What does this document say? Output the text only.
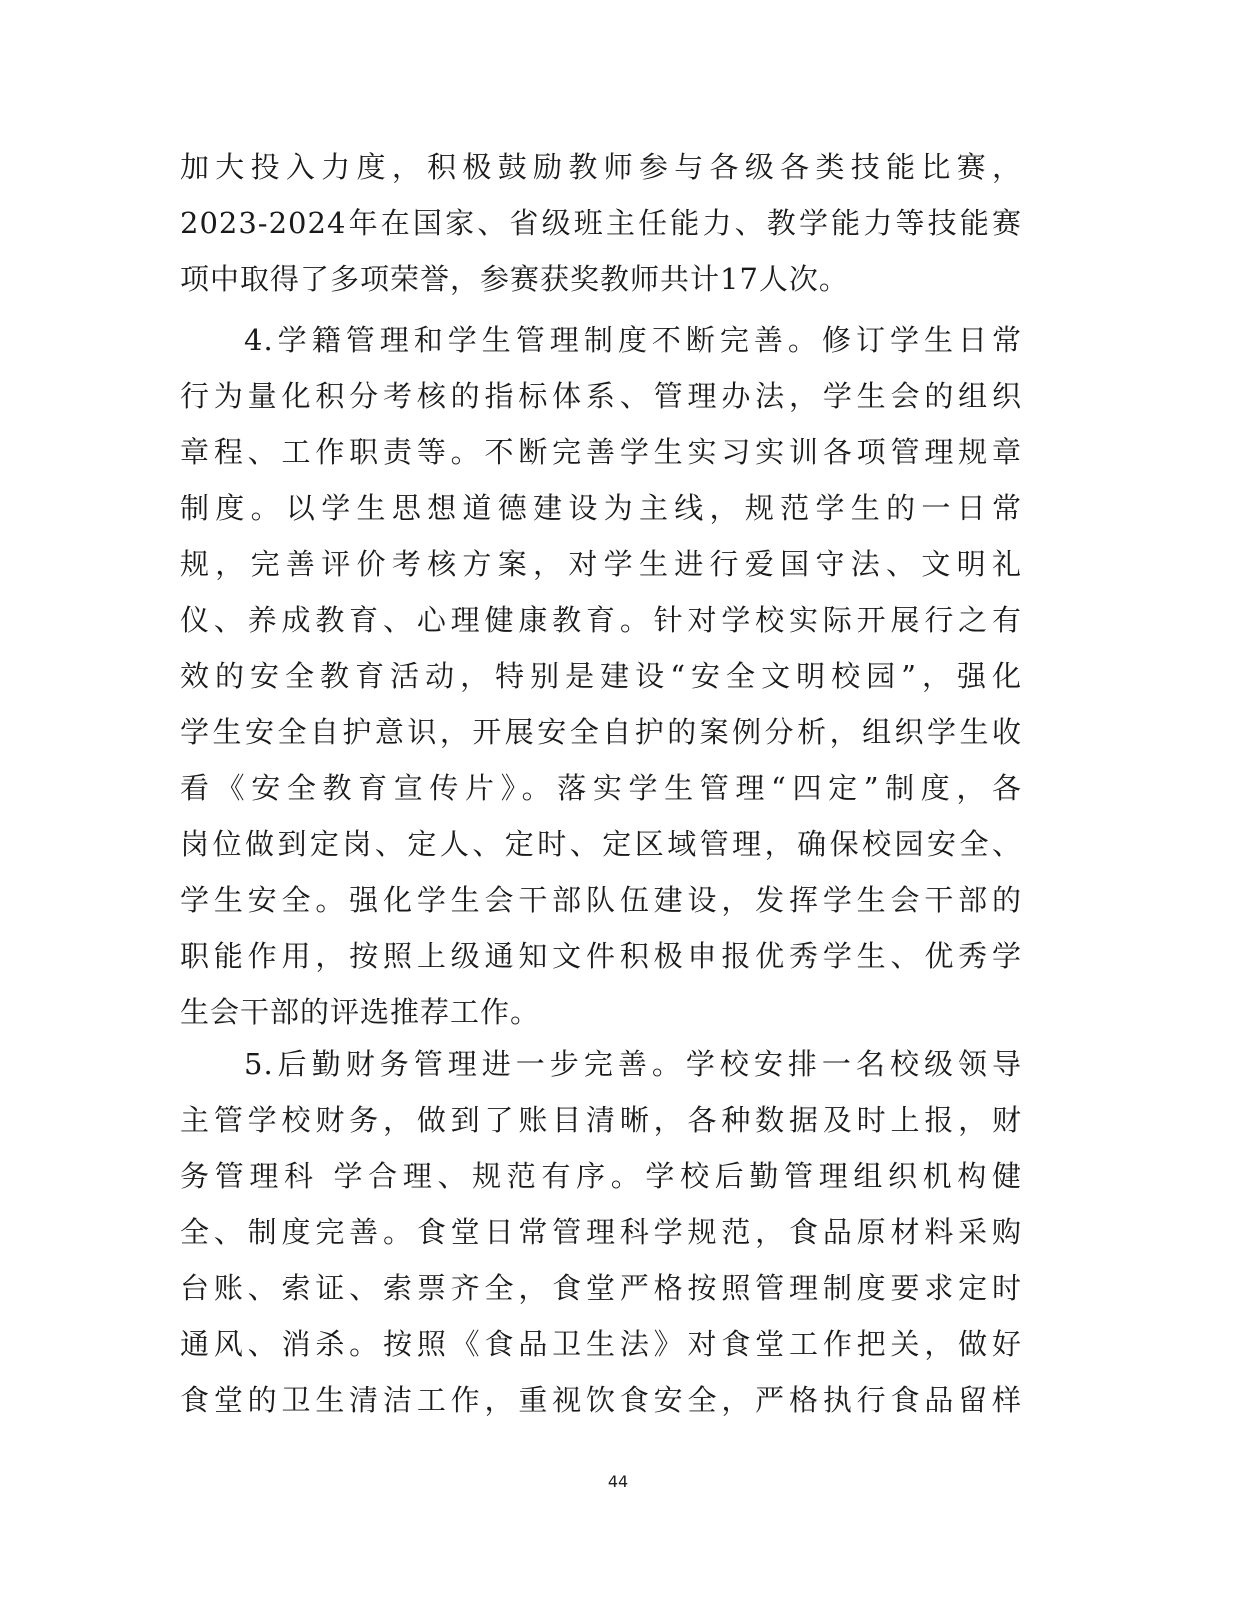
加大投入力度，积极鼓励教师参与各级各类技能比赛，
2023-2024年在国家、省级班主任能力、教学能力等技能赛
项中取得了多项荣誉，参赛获奖教师共计17人次。
4.学籍管理和学生管理制度不断完善。修订学生日常
行为量化积分考核的指标体系、管理办法，学生会的组织
章程、工作职责等。不断完善学生实习实训各项管理规章
制度。以学生思想道德建设为主线，规范学生的一日常
规，完善评价考核方案，对学生进行爱国守法、文明礼
仪、养成教育、心理健康教育。针对学校实际开展行之有
效的安全教育活动，特别是建设“安全文明校园”，强化
学生安全自护意识，开展安全自护的案例分析，组织学生收
看《安全教育宣传片》。落实学生管理“四定”制度，各
岗位做到定岗、定人、定时、定区域管理，确保校园安全、
学生安全。强化学生会干部队伍建设，发挥学生会干部的
职能作用，按照上级通知文件积极申报优秀学生、优秀学
生会干部的评选推荐工作。
5.后勤财务管理进一步完善。学校安排一名校级领导
主管学校财务，做到了账目清晰，各种数据及时上报，财
务管理科 学合理、规范有序。学校后勤管理组织机构健
全、制度完善。食堂日常管理科学规范，食品原材料采购
台账、索证、索票齐全，食堂严格按照管理制度要求定时
通风、消杀。按照《食品卫生法》对食堂工作把关，做好
食堂的卫生清洁工作，重视饮食安全，严格执行食品留样
44
